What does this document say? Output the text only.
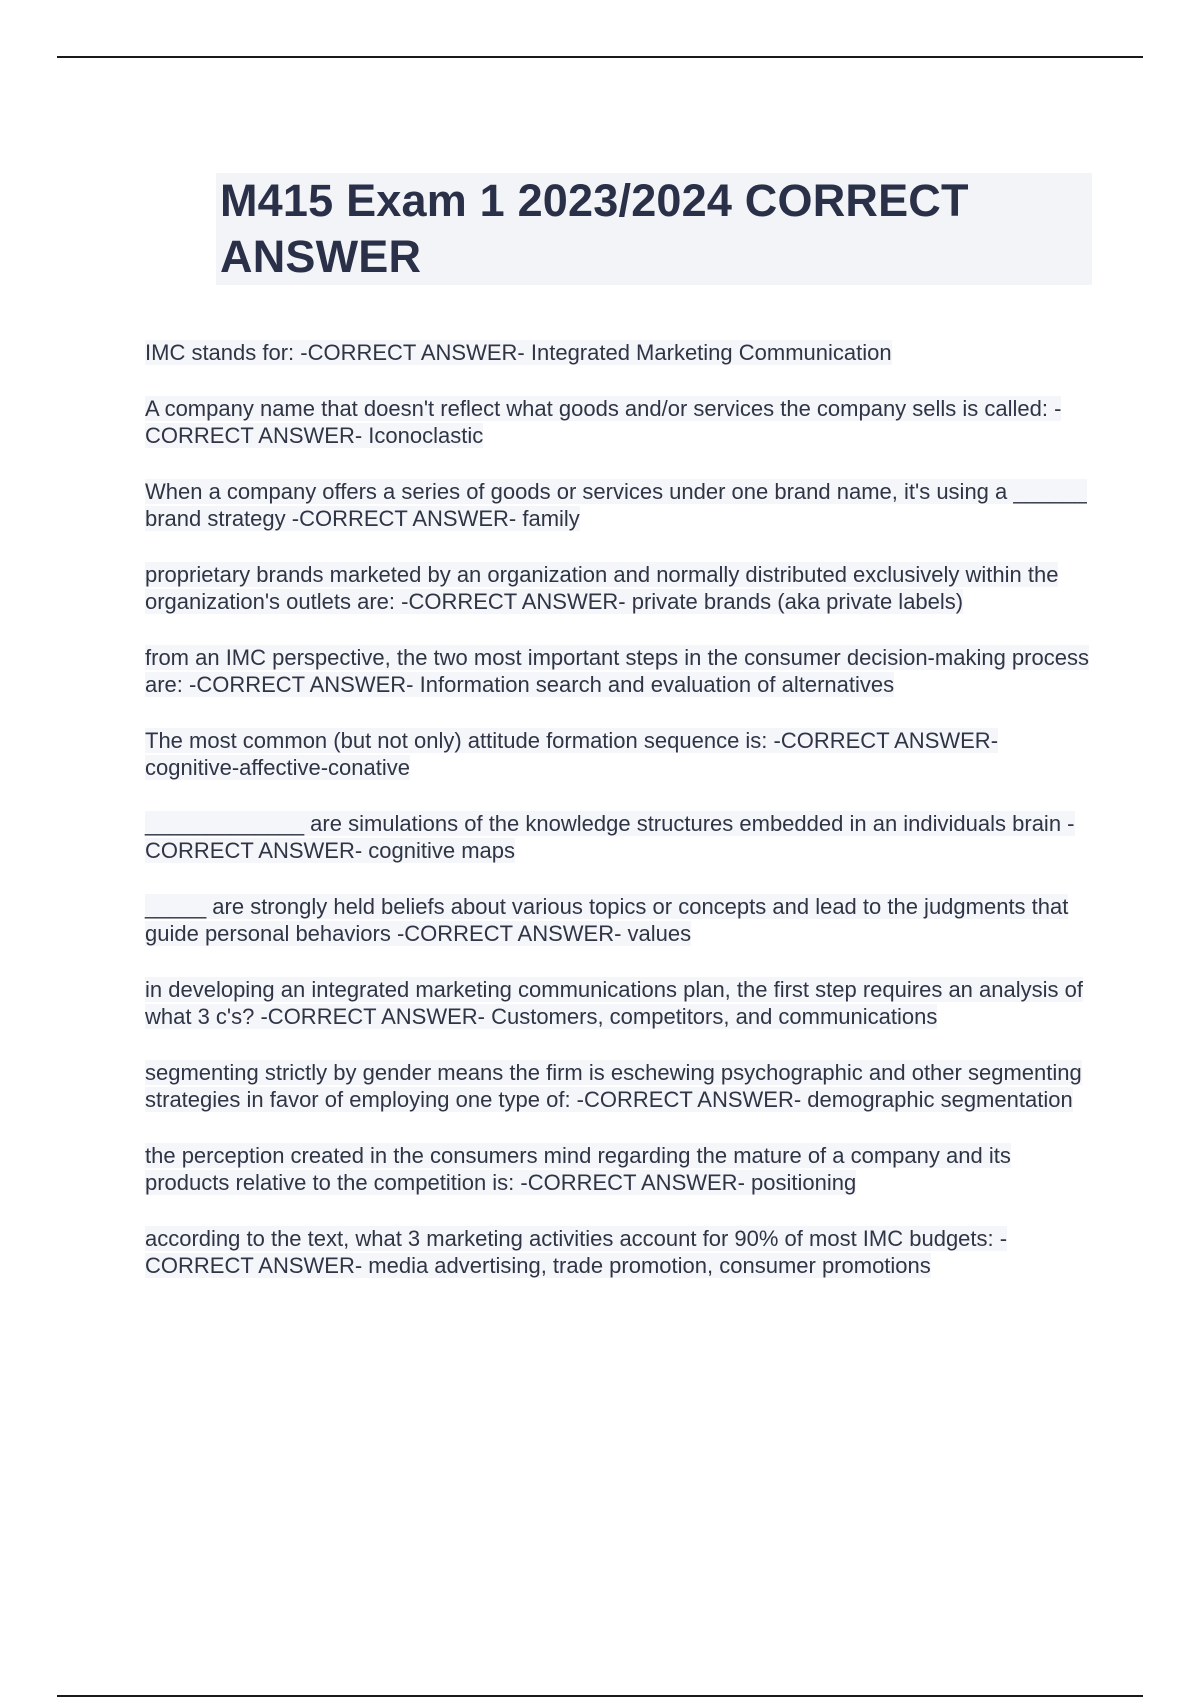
M415 Exam 1 2023/2024 CORRECT ANSWER
IMC stands for: -CORRECT ANSWER- Integrated Marketing Communication
A company name that doesn't reflect what goods and/or services the company sells is called: -CORRECT ANSWER- Iconoclastic
When a company offers a series of goods or services under one brand name, it's using a ______ brand strategy -CORRECT ANSWER- family
proprietary brands marketed by an organization and normally distributed exclusively within the organization's outlets are: -CORRECT ANSWER- private brands (aka private labels)
from an IMC perspective, the two most important steps in the consumer decision-making process are: -CORRECT ANSWER- Information search and evaluation of alternatives
The most common (but not only) attitude formation sequence is: -CORRECT ANSWER- cognitive-affective-conative
_____________ are simulations of the knowledge structures embedded in an individuals brain -CORRECT ANSWER- cognitive maps
_____ are strongly held beliefs about various topics or concepts and lead to the judgments that guide personal behaviors -CORRECT ANSWER- values
in developing an integrated marketing communications plan, the first step requires an analysis of what 3 c's? -CORRECT ANSWER- Customers, competitors, and communications
segmenting strictly by gender means the firm is eschewing psychographic and other segmenting strategies in favor of employing one type of: -CORRECT ANSWER- demographic segmentation
the perception created in the consumers mind regarding the mature of a company and its products relative to the competition is: -CORRECT ANSWER- positioning
according to the text, what 3 marketing activities account for 90% of most IMC budgets: -CORRECT ANSWER- media advertising, trade promotion, consumer promotions
